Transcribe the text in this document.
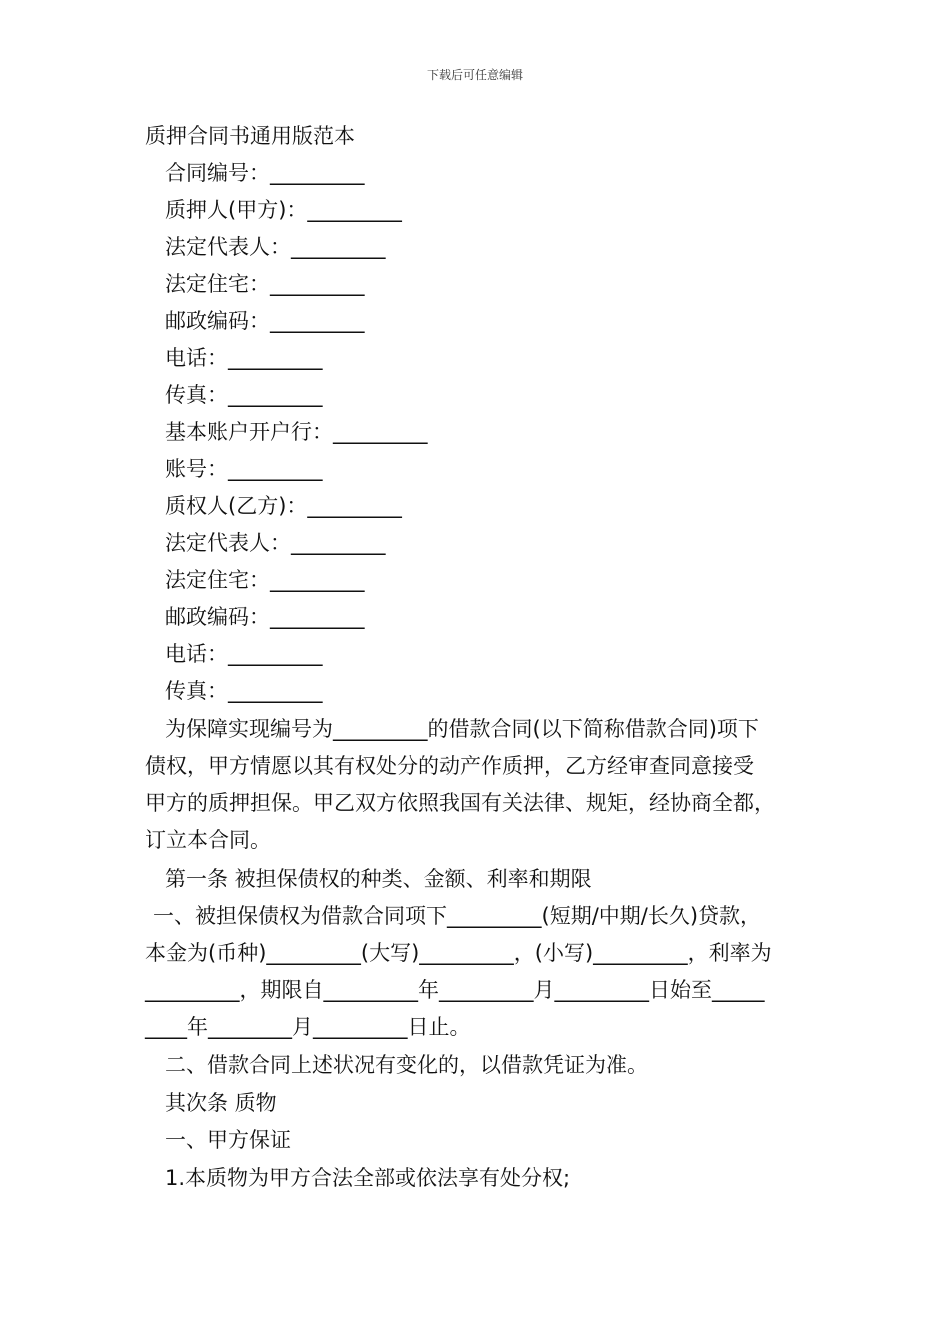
下载后可任意编辑
质押合同书通用版范本
合同编号：_________
质押人(甲方)：_________
法定代表人：_________
法定住宅：_________
邮政编码：_________
电话：_________
传真：_________
基本账户开户行：_________
账号：_________
质权人(乙方)：_________
法定代表人：_________
法定住宅：_________
邮政编码：_________
电话：_________
传真：_________
为保障实现编号为_________的借款合同(以下简称借款合同)项下
债权，甲方情愿以其有权处分的动产作质押，乙方经审查同意接受
甲方的质押担保。甲乙双方依照我国有关法律、规矩，经协商全都，
订立本合同。
第一条 被担保债权的种类、金额、利率和期限
一、被担保债权为借款合同项下_________(短期/中期/长久)贷款，
本金为(币种)_________(大写)_________，(小写)_________，利率为
_________，期限自_________年_________月_________日始至_____
____年________月_________日止。
二、借款合同上述状况有变化的，以借款凭证为准。
其次条 质物
一、甲方保证
1.本质物为甲方合法全部或依法享有处分权;
